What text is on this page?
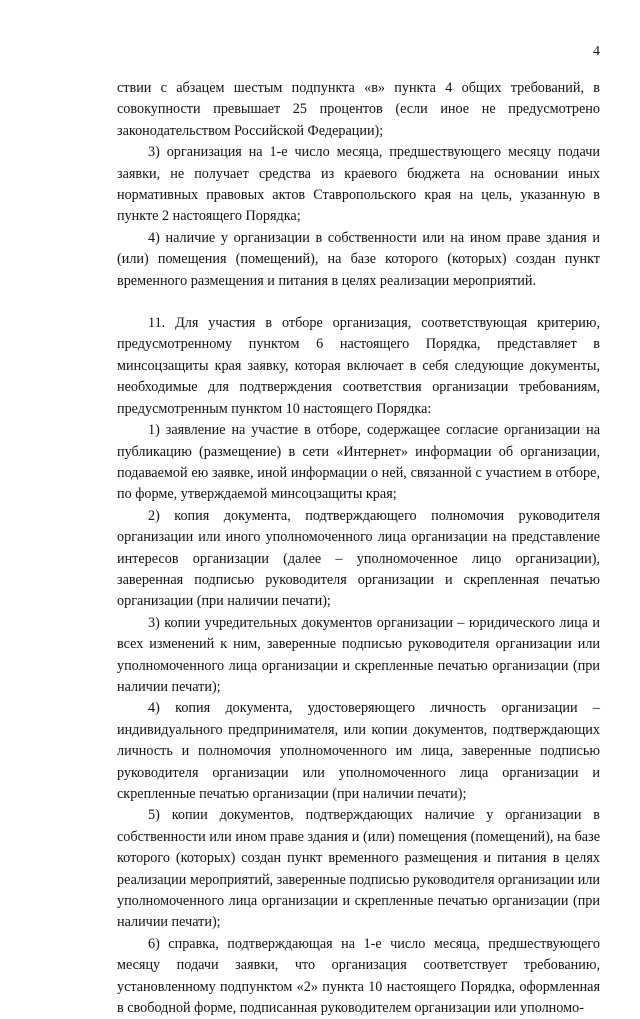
4

ствии с абзацем шестым подпункта «в» пункта 4 общих требований, в совокупности превышает 25 процентов (если иное не предусмотрено законодательством Российской Федерации);

3) организация на 1-е число месяца, предшествующего месяцу подачи заявки, не получает средства из краевого бюджета на основании иных нормативных правовых актов Ставропольского края на цель, указанную в пункте 2 настоящего Порядка;

4) наличие у организации в собственности или на ином праве здания и (или) помещения (помещений), на базе которого (которых) создан пункт временного размещения и питания в целях реализации мероприятий.

11. Для участия в отборе организация, соответствующая критерию, предусмотренному пунктом 6 настоящего Порядка, представляет в минсоцзащиты края заявку, которая включает в себя следующие документы, необходимые для подтверждения соответствия организации требованиям, предусмотренным пунктом 10 настоящего Порядка:

1) заявление на участие в отборе, содержащее согласие организации на публикацию (размещение) в сети «Интернет» информации об организации, подаваемой ею заявке, иной информации о ней, связанной с участием в отборе, по форме, утверждаемой минсоцзащиты края;

2) копия документа, подтверждающего полномочия руководителя организации или иного уполномоченного лица организации на представление интересов организации (далее – уполномоченное лицо организации), заверенная подписью руководителя организации и скрепленная печатью организации (при наличии печати);

3) копии учредительных документов организации – юридического лица и всех изменений к ним, заверенные подписью руководителя организации или уполномоченного лица организации и скрепленные печатью организации (при наличии печати);

4) копия документа, удостоверяющего личность организации – индивидуального предпринимателя, или копии документов, подтверждающих личность и полномочия уполномоченного им лица, заверенные подписью руководителя организации или уполномоченного лица организации и скрепленные печатью организации (при наличии печати);

5) копии документов, подтверждающих наличие у организации в собственности или ином праве здания и (или) помещения (помещений), на базе которого (которых) создан пункт временного размещения и питания в целях реализации мероприятий, заверенные подписью руководителя организации или уполномоченного лица организации и скрепленные печатью организации (при наличии печати);

6) справка, подтверждающая на 1-е число месяца, предшествующего месяцу подачи заявки, что организация соответствует требованию, установленному подпунктом «2» пункта 10 настоящего Порядка, оформленная в свободной форме, подписанная руководителем организации или уполномо-
